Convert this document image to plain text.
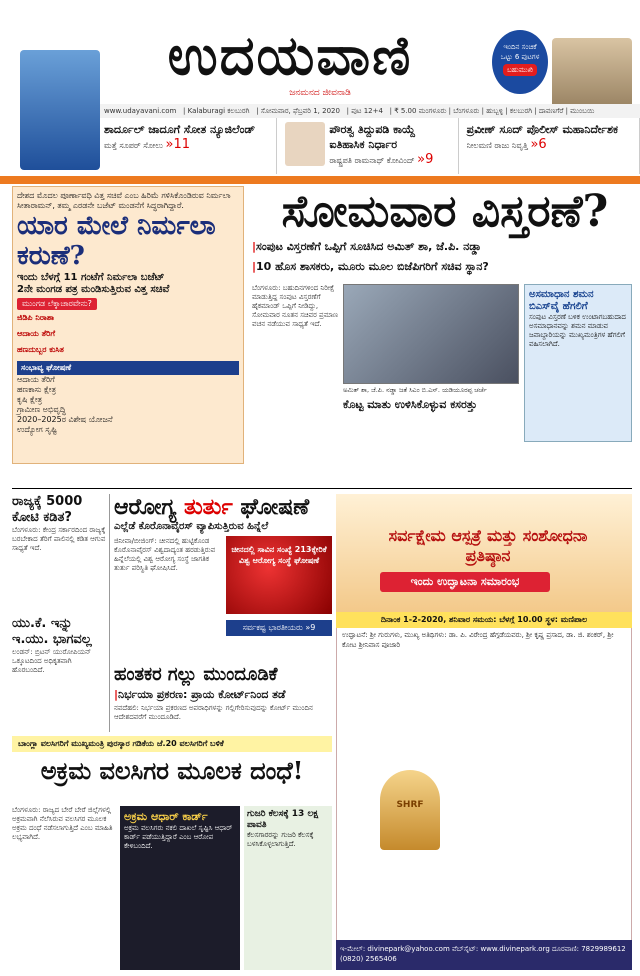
ಉದಯವಾಣಿ
ಜನಮನದ ಜೀವನಾಡಿ
ಇಂದಿನ ಸಂಚಿಕೆ
ಒಟ್ಟು 6 ಪುಟಗಳ
ಬಹುಮುಖಿ
www.udayavani.com   | Kalaburagi ಕಲಬುರಗಿ   | ಸೋಮವಾರ, ಫೆಬ್ರವರಿ 1, 2020   | ಪುಟ 12+4   | ₹ 5.00 ಮಂಗಳೂರು | ಬೆಂಗಳೂರು | ಹುಬ್ಬಳ್ಳಿ | ಕಲಬುರಗಿ | ದಾವಣಗೆರೆ | ಮುಂಬಯಿ
ಶಾರ್ದೂಲ್ ಜಾದೂಗೆ ಸೋತ ನ್ಯೂಜಿಲೆಂಡ್
ಮತ್ತೆ ಸೂಪರ್ ಸೋಲು »11
ಪೌರತ್ವ ತಿದ್ದುಪಡಿ ಕಾಯ್ದೆ ಐತಿಹಾಸಿಕ ನಿರ್ಧಾರ
ರಾಷ್ಟ್ರಪತಿ ರಾಮನಾಥ್ ಕೋವಿಂದ್ »9
ಪ್ರವೀಣ್ ಸೂದ್ ಪೊಲೀಸ್ ಮಹಾನಿರ್ದೇಶಕ
ನೀಲಮಣಿ ರಾಜು ನಿವೃತ್ತಿ »6
ದೇಶದ ಮೊದಲ ಪೂರ್ಣಾವಧಿ ವಿತ್ತ ಸಚಿವೆ ಎಂಬ ಹಿರಿಮೆ ಗಳಿಸಿಕೊಂಡಿರುವ ನಿರ್ಮಲಾ ಸೀತಾರಾಮನ್, ತಮ್ಮ ಎರಡನೇ ಬಜೆಟ್ ಮಂಡನೆಗೆ ಸಿದ್ಧರಾಗಿದ್ದಾರೆ.
ಯಾರ ಮೇಲೆ ನಿರ್ಮಲಾ ಕರುಣೆ?
ಇಂದು ಬೆಳಗ್ಗೆ 11 ಗಂಟೆಗೆ ನಿರ್ಮಲಾ ಬಜೆಟ್
2ನೇ ಮಂಗಡ ಪತ್ರ ಮಂಡಿಸುತ್ತಿರುವ ವಿತ್ತ ಸಚಿವೆ
ಮುಂಗಡ ಲೆಕ್ಕಾಚಾರವೇನು?
ಜಿಡಿಪಿ ನಿರಾಶಾ
ಆದಾಯ ತೆರಿಗೆ
ಹಣದುಬ್ಬರ ಕುಸಿತ
ಸಂಭಾವ್ಯ ಘೋಷಣೆ
ಆದಾಯ ತೆರಿಗೆ
ಹಣಕಾಸು ಕ್ಷೇತ್ರ
ಕೃಷಿ ಕ್ಷೇತ್ರ
ಗ್ರಾಮೀಣ ಅಭಿವೃದ್ಧಿ
2020–2025ರ ವಿಶೇಷ ಯೋಜನೆ
ಉದ್ಯೋಗ ಸೃಷ್ಟಿ
ಸೋಮವಾರ ವಿಸ್ತರಣೆ?
|ಸಂಪುಟ ವಿಸ್ತರಣೆಗೆ ಒಪ್ಪಿಗೆ ಸೂಚಿಸಿದ ಅಮಿತ್ ಶಾ, ಜೆ.ಪಿ. ನಡ್ಡಾ
|10 ಹೊಸ ಶಾಸಕರು, ಮೂರು ಮೂಲ ಬಿಜೆಪಿಗರಿಗೆ ಸಚಿವ ಸ್ಥಾನ?
ಬೆಂಗಳೂರು: ಬಹುದಿನಗಳಿಂದ ನಿರೀಕ್ಷೆ ಮಾಡುತ್ತಿದ್ದ ಸಂಪುಟ ವಿಸ್ತರಣೆಗೆ ಹೈಕಮಾಂಡ್ ಒಪ್ಪಿಗೆ ನೀಡಿದ್ದು, ಸೋಮವಾರ ನೂತನ ಸಚಿವರ ಪ್ರಮಾಣ ವಚನ ನಡೆಯುವ ಸಾಧ್ಯತೆ ಇದೆ.
ಅಮಿತ್ ಶಾ, ಜೆ.ಪಿ. ನಡ್ಡಾ ಜತೆ ಸಿಎಂ ಬಿ.ಎಸ್. ಯಡಿಯೂರಪ್ಪ ಚರ್ಚೆ
ಕೊಟ್ಟ ಮಾತು ಉಳಿಸಿಕೊಳ್ಳುವ ಕಸರತ್ತು
ಅಸಮಾಧಾನ ಶಮನ ಬಿಎಸ್‌ವೈ ಹೆಗಲಿಗೆ
ಸಂಪುಟ ವಿಸ್ತರಣೆ ಬಳಿಕ ಉಂಟಾಗಬಹುದಾದ ಅಸಮಾಧಾನವನ್ನು ಶಮನ ಮಾಡುವ ಜವಾಬ್ದಾರಿಯನ್ನು ಮುಖ್ಯಮಂತ್ರಿಗಳ ಹೆಗಲಿಗೆ ವಹಿಸಲಾಗಿದೆ.
ರಾಜ್ಯಕ್ಕೆ 5000 ಕೋಟಿ ಕಡಿತ?
ಬೆಂಗಳೂರು: ಕೇಂದ್ರ ಸರ್ಕಾರದಿಂದ ರಾಜ್ಯಕ್ಕೆ ಬರಬೇಕಾದ ತೆರಿಗೆ ಪಾಲಿನಲ್ಲಿ ಕಡಿತ ಆಗುವ ಸಾಧ್ಯತೆ ಇದೆ.
ಯು.ಕೆ. ಇನ್ನು ಇ.ಯು. ಭಾಗವಲ್ಲ
ಲಂಡನ್: ಬ್ರಿಟನ್ ಯುರೋಪಿಯನ್ ಒಕ್ಕೂಟದಿಂದ ಅಧಿಕೃತವಾಗಿ ಹೊರಬಂದಿದೆ.
ಆರೋಗ್ಯ ತುರ್ತು ಘೋಷಣೆ
ಎಲ್ಲೆಡೆ ಕೊರೊನಾವೈರಸ್ ವ್ಯಾಪಿಸುತ್ತಿರುವ ಹಿನ್ನೆಲೆ
ಜಿನೀವಾ/ಬೀಜಿಂಗ್: ಚೀನದಲ್ಲಿ ಹುಟ್ಟಿಕೊಂಡ ಕೊರೊನಾವೈರಸ್ ವಿಶ್ವದಾದ್ಯಂತ ಹರಡುತ್ತಿರುವ ಹಿನ್ನೆಲೆಯಲ್ಲಿ ವಿಶ್ವ ಆರೋಗ್ಯ ಸಂಸ್ಥೆ ಜಾಗತಿಕ ತುರ್ತು ಪರಿಸ್ಥಿತಿ ಘೋಷಿಸಿದೆ.
ಚೀನದಲ್ಲಿ ಸಾವಿನ ಸಂಖ್ಯೆ 213ಕ್ಕೇರಿಕೆ ವಿಶ್ವ ಆರೋಗ್ಯ ಸಂಸ್ಥೆ ಘೋಷಣೆ
ಸರ್ವಕಷ್ಟ ಭಾರತೀಯರು »9
ಹಂತಕರ ಗಲ್ಲು ಮುಂದೂಡಿಕೆ
|ನಿರ್ಭಯಾ ಪ್ರಕರಣ: ಪ್ರಾಯ ಕೋರ್ಟ್‌ನಿಂದ ತಡೆ
ನವದೆಹಲಿ: ನಿರ್ಭಯಾ ಪ್ರಕರಣದ ಅಪರಾಧಿಗಳನ್ನು ಗಲ್ಲಿಗೇರಿಸುವುದನ್ನು ಕೋರ್ಟ್ ಮುಂದಿನ ಆದೇಶದವರೆಗೆ ಮುಂದೂಡಿದೆ.
ಸರ್ವಕ್ಷೇಮ ಆಸ್ಪತ್ರೆ ಮತ್ತು ಸಂಶೋಧನಾ ಪ್ರತಿಷ್ಠಾನ
ಇಂದು ಉದ್ಘಾಟನಾ ಸಮಾರಂಭ
ದಿನಾಂಕ 1-2-2020, ಶನಿವಾರ ಸಮಯ: ಬೆಳಗ್ಗೆ 10.00 ಸ್ಥಳ: ಮಣಿಪಾಲ
ಉದ್ಘಾಟನೆ: ಶ್ರೀ ಗುರುಗಳು, ಮುಖ್ಯ ಅತಿಥಿಗಳು: ಡಾ. ಪಿ. ವಿರೇಂದ್ರ ಹೆಗ್ಗಡೆಯವರು, ಶ್ರೀ ಕೃಷ್ಣ ಪ್ರಸಾದ, ಡಾ. ಜಿ. ಶಂಕರ್, ಶ್ರೀ ಕೋಟ ಶ್ರೀನಿವಾಸ ಪೂಜಾರಿ
SHRF
ಇ-ಮೇಲ್: divinepark@yahoo.com ವೆಬ್‌ಸೈಟ್: www.divinepark.org ದೂರವಾಣಿ: 7829989612 (0820) 2565406
ಬಾಂಗ್ಲಾ ವಲಸಿಗರಿಗೆ ಮುಖ್ಯಮಂತ್ರಿ ಪುರಸ್ಕಾರ ಗಡಿಕೆಯ ಜೆ.20 ವಲಸಿಗರಿಗೆ ಬಳಿಕೆ
ಅಕ್ರಮ ವಲಸಿಗರ ಮೂಲಕ ದಂಧೆ!
ಬೆಂಗಳೂರು: ರಾಜ್ಯದ ಬೇರೆ ಬೇರೆ ಜಿಲ್ಲೆಗಳಲ್ಲಿ ಅಕ್ರಮವಾಗಿ ನೆಲೆಸಿರುವ ವಲಸಿಗರ ಮೂಲಕ ಅಕ್ರಮ ದಂಧೆ ನಡೆಸಲಾಗುತ್ತಿದೆ ಎಂಬ ಮಾಹಿತಿ ಲಭ್ಯವಾಗಿದೆ.
ಅಕ್ರಮ ಆಧಾರ್ ಕಾರ್ಡ್
ಅಕ್ರಮ ವಲಸಿಗರು ನಕಲಿ ದಾಖಲೆ ಸೃಷ್ಟಿಸಿ ಆಧಾರ್ ಕಾರ್ಡ್ ಪಡೆಯುತ್ತಿದ್ದಾರೆ ಎಂಬ ಆರೋಪ ಕೇಳಿಬಂದಿದೆ.
ಗುಜರಿ ಕೆಲಸಕ್ಕೆ 13 ಲಕ್ಷ ಪಾವತಿ
ಕೆಲಸಗಾರರನ್ನು ಗುಜರಿ ಕೆಲಸಕ್ಕೆ ಬಳಸಿಕೊಳ್ಳಲಾಗುತ್ತಿದೆ.
